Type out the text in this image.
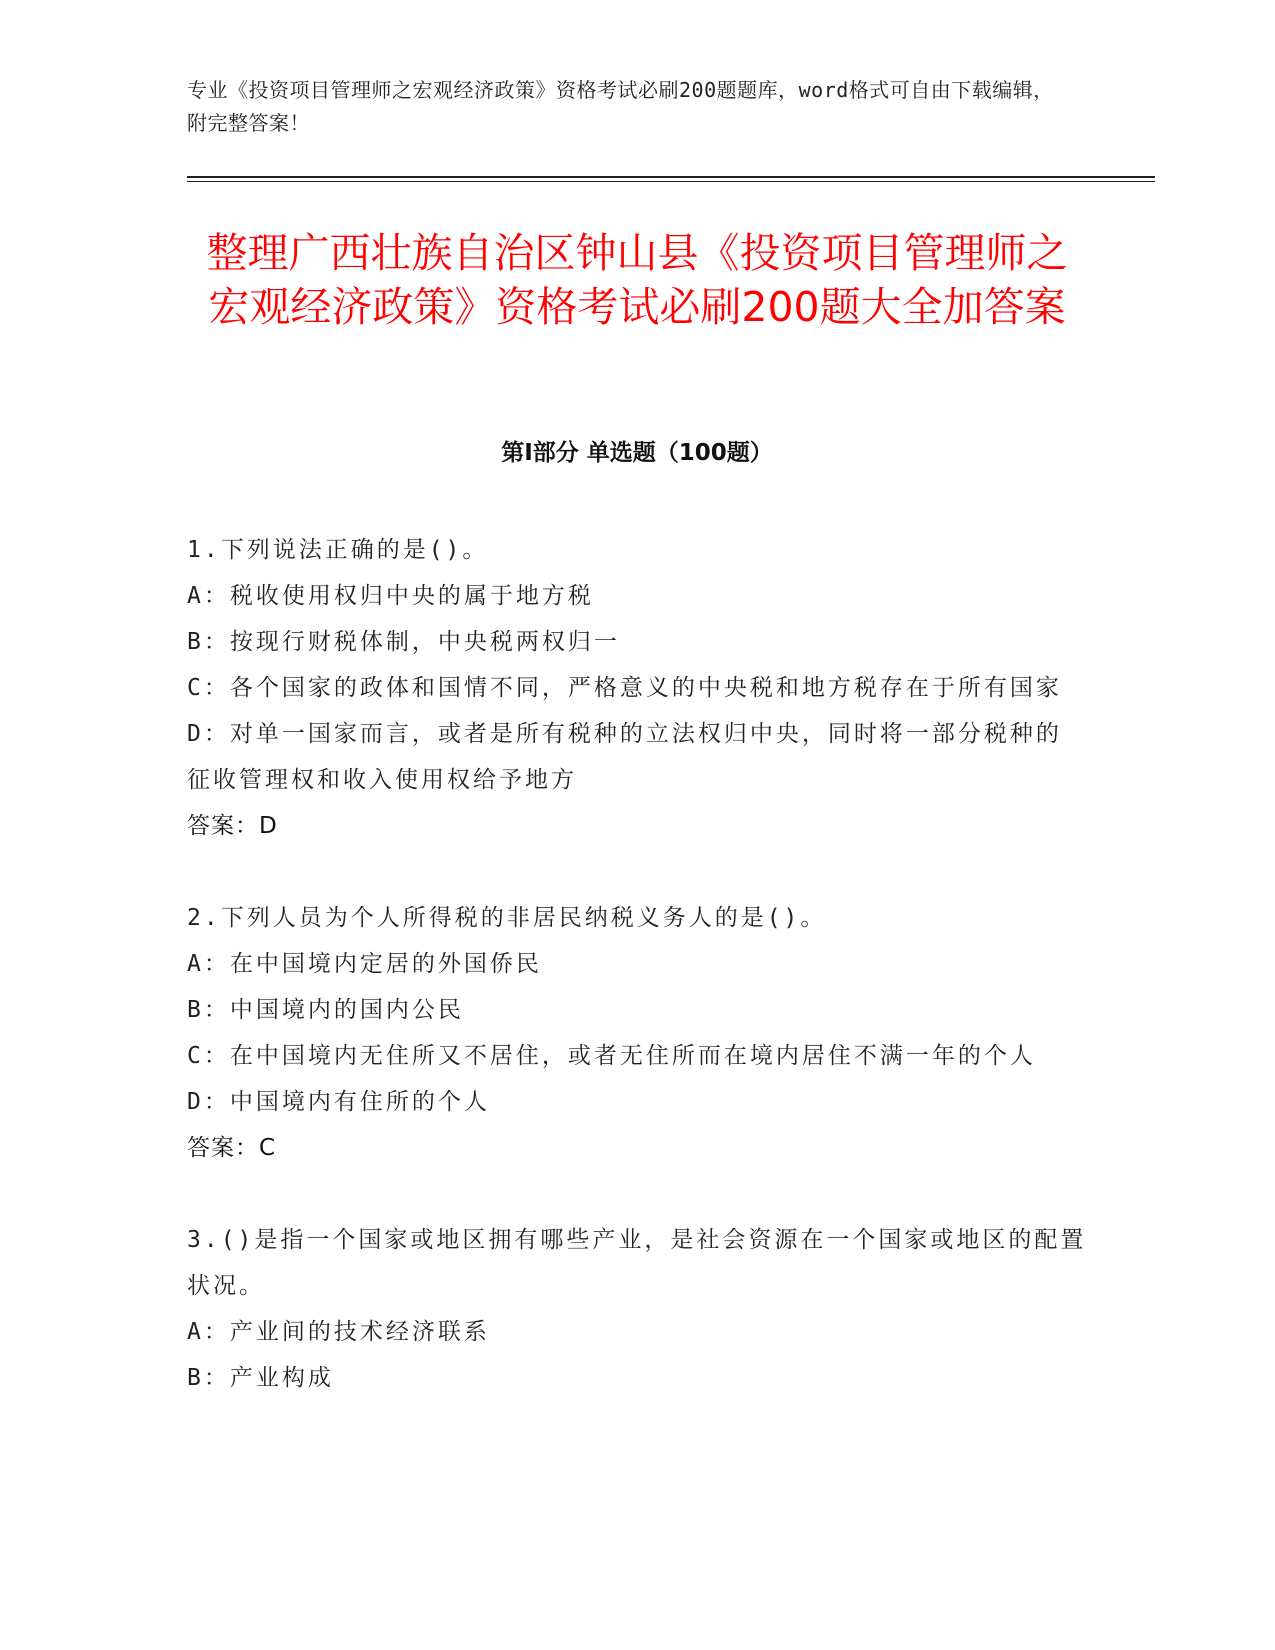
专业《投资项目管理师之宏观经济政策》资格考试必刷200题题库，word格式可自由下载编辑，附完整答案！
整理广西壮族自治区钟山县《投资项目管理师之宏观经济政策》资格考试必刷200题大全加答案
第Ⅰ部分 单选题（100题）

1.下列说法正确的是()。

A：税收使用权归中央的属于地方税

B：按现行财税体制，中央税两权归一

C：各个国家的政体和国情不同，严格意义的中央税和地方税存在于所有国家

D：对单一国家而言，或者是所有税种的立法权归中央，同时将一部分税种的征收管理权和收入使用权给予地方

答案：D

2.下列人员为个人所得税的非居民纳税义务人的是()。

A：在中国境内定居的外国侨民

B：中国境内的国内公民

C：在中国境内无住所又不居住，或者无住所而在境内居住不满一年的个人

D：中国境内有住所的个人

答案：C

3.()是指一个国家或地区拥有哪些产业，是社会资源在一个国家或地区的配置状况。

A：产业间的技术经济联系

B：产业构成
